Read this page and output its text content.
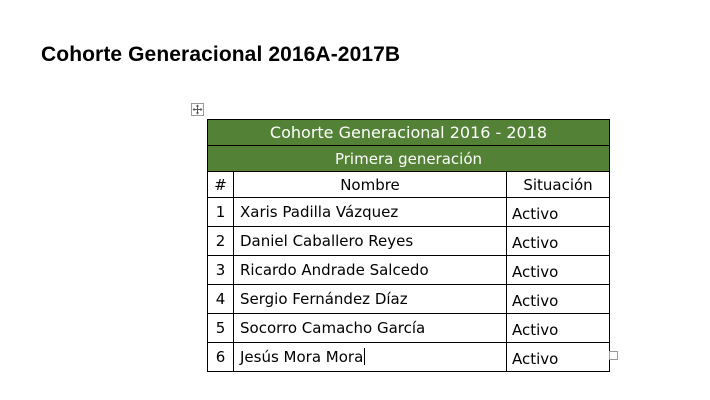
Cohorte Generacional 2016A-2017B
Cohorte Generacional 2016 - 2018		
Primera generación		
#	Nombre	Situación
1	Xaris Padilla Vázquez	Activo
2	Daniel Caballero Reyes	Activo
3	Ricardo Andrade Salcedo	Activo
4	Sergio Fernández Díaz	Activo
5	Socorro Camacho García	Activo
6	Jesús Mora Mora	Activo
